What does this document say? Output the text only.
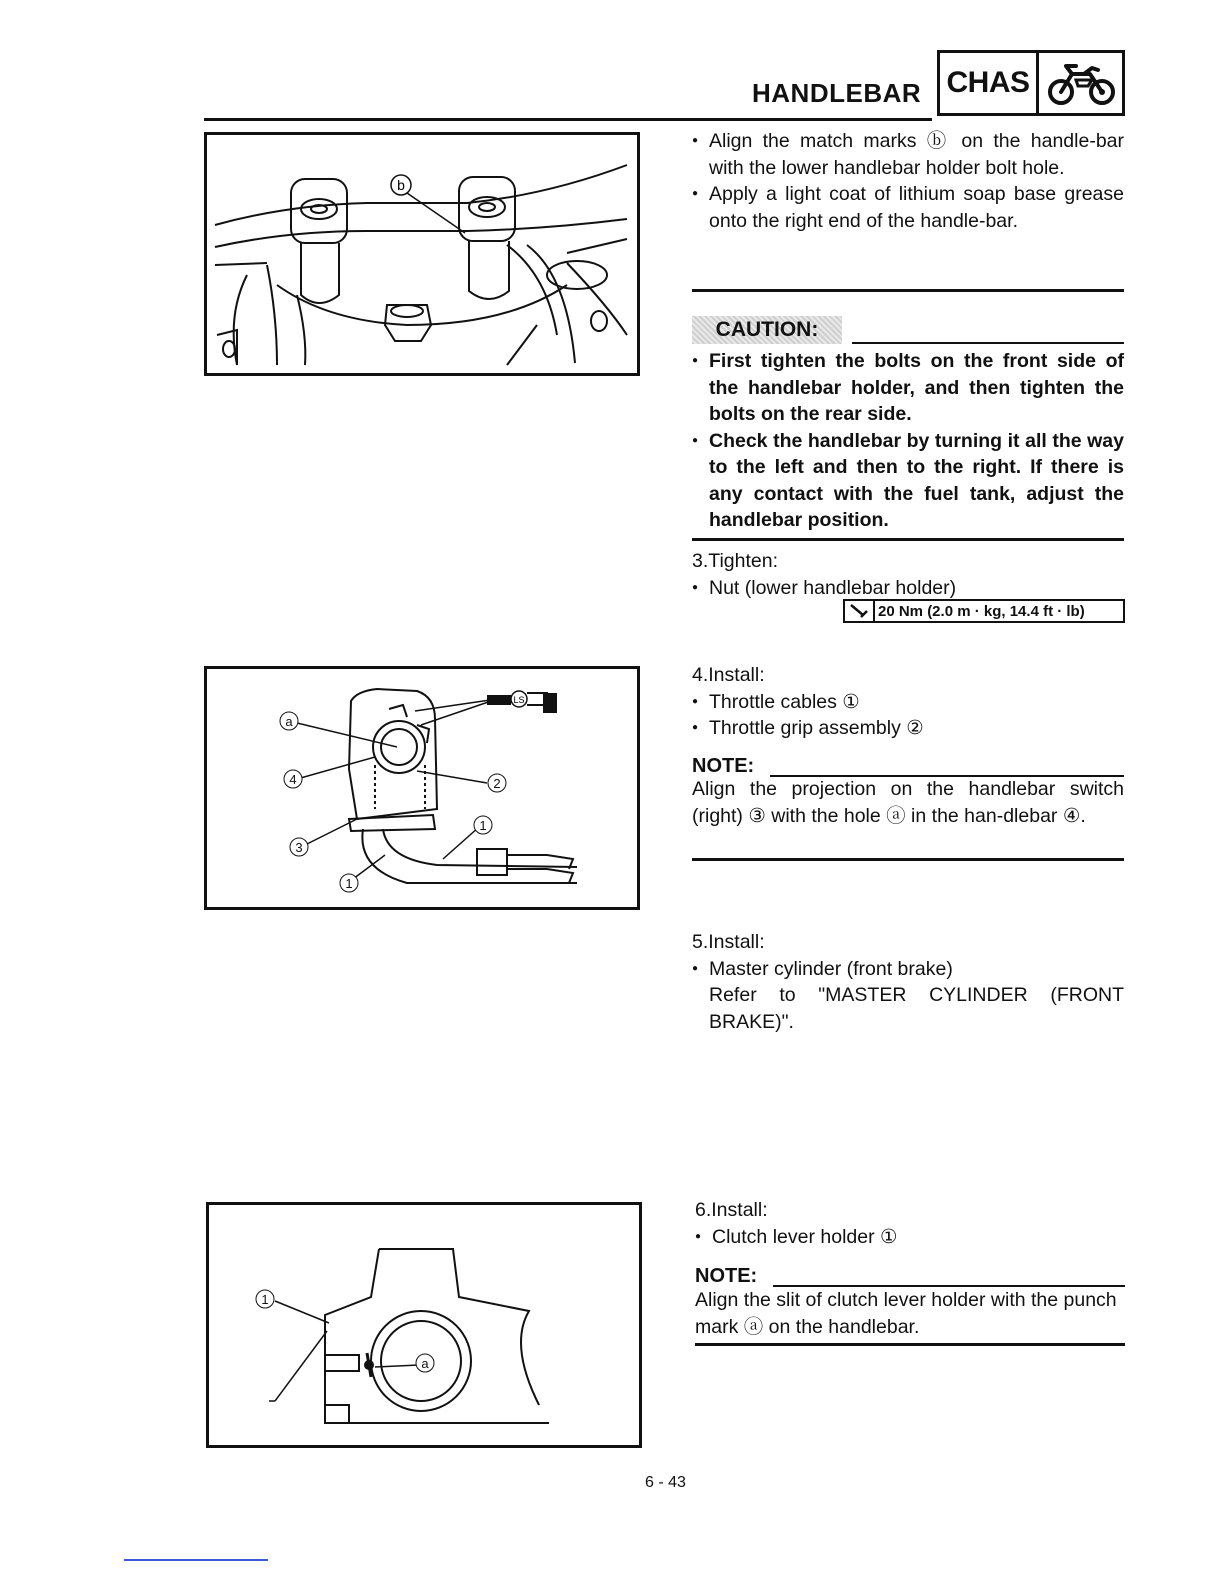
HANDLEBAR CHAS
b
LS
a
4
3
2
1
1
1
a
● Align the match marks ⓑ on the handle-bar with the lower handlebar holder bolt hole.
● Apply a light coat of lithium soap base grease onto the right end of the handle-bar.
CAUTION:
● First tighten the bolts on the front side of the handlebar holder, and then tighten the bolts on the rear side.
● Check the handlebar by turning it all the way to the left and then to the right. If there is any contact with the fuel tank, adjust the handlebar position.
3.Tighten:
● Nut (lower handlebar holder)
20 Nm (2.0 m · kg, 14.4 ft · lb)
4.Install:
● Throttle cables ①
● Throttle grip assembly ②
NOTE:
Align the projection on the handlebar switch (right) ③ with the hole ⓐ in the han-dlebar ④.
5.Install:
● Master cylinder (front brake)
Refer to "MASTER CYLINDER (FRONT BRAKE)".
6.Install:
● Clutch lever holder ①
NOTE:
Align the slit of clutch lever holder with the punch mark ⓐ on the handlebar.
6 - 43
